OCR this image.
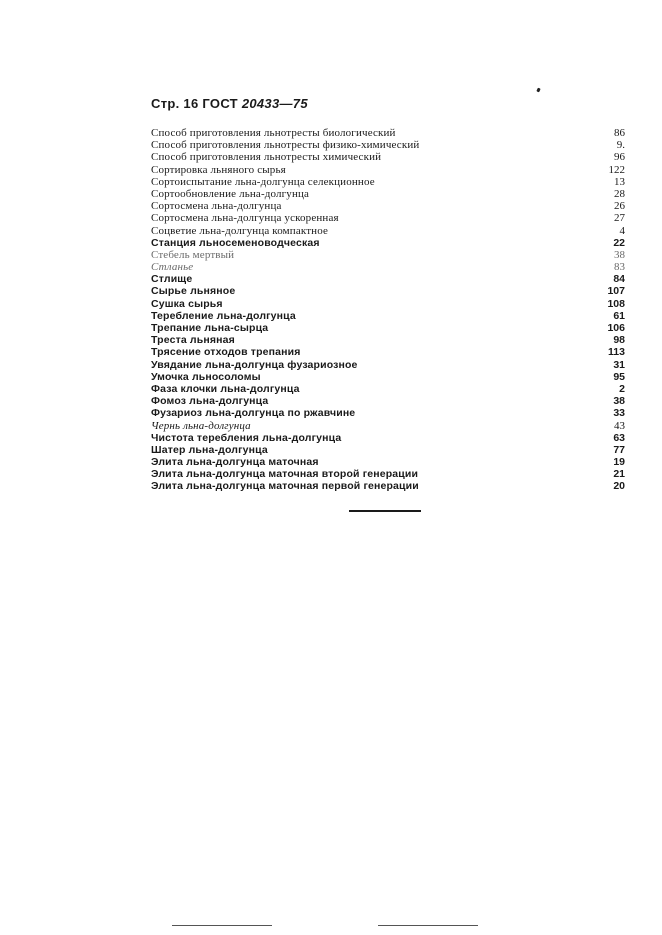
Стр. 16 ГОСТ 20433—75
Способ приготовления льнотресты биологический	86
Способ приготовления льнотресты физико-химический	9.
Способ приготовления льнотресты химический	96
Сортировка льняного сырья	122
Сортоиспытание льна-долгунца селекционное	13
Сортообновление льна-долгунца	28
Сортосмена льна-долгунца	26
Сортосмена льна-долгунца ускоренная	27
Соцветие льна-долгунца компактное	4
Станция льносеменоводческая	22
Стебель мертвый	38
Стланье	83
Стлище	84
Сырье льняное	107
Сушка сырья	108
Теребление льна-долгунца	61
Трепание льна-сырца	106
Треста льняная	98
Трясение отходов трепания	113
Увядание льна-долгунца фузариозное	31
Умочка льносоломы	95
Фаза клочки льна-долгунца	2
Фомоз льна-долгунца	38
Фузариоз льна-долгунца по ржавчине	33
Чернь льна-долгунца	43
Чистота теребления льна-долгунца	63
Шатер льна-долгунца	77
Элита льна-долгунца маточная	19
Элита льна-долгунца маточная второй генерации	21
Элита льна-долгунца маточная первой генерации	20
